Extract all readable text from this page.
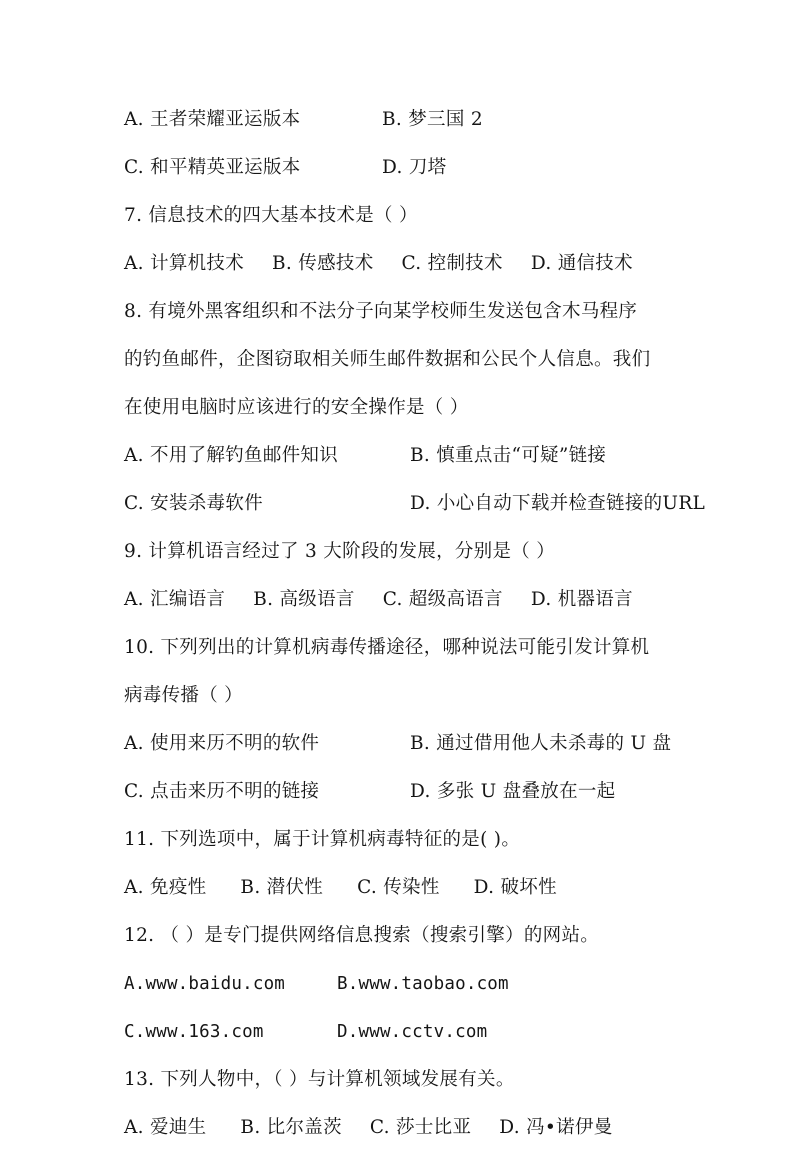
A. 王者荣耀亚运版本	B. 梦三国 2
C. 和平精英亚运版本	D. 刀塔
7. 信息技术的四大基本技术是（ ）
A. 计算机技术 B. 传感技术 C. 控制技术 D. 通信技术
8. 有境外黑客组织和不法分子向某学校师生发送包含木马程序
的钓鱼邮件，企图窃取相关师生邮件数据和公民个人信息。我们
在使用电脑时应该进行的安全操作是（ ）
A. 不用了解钓鱼邮件知识	B. 慎重点击“可疑”链接
C. 安装杀毒软件	D. 小心自动下载并检查链接的URL
9. 计算机语言经过了 3 大阶段的发展，分别是（ ）
A. 汇编语言 B. 高级语言 C. 超级高语言 D. 机器语言
10. 下列列出的计算机病毒传播途径，哪种说法可能引发计算机
病毒传播（ ）
A. 使用来历不明的软件	B. 通过借用他人未杀毒的 U 盘
C. 点击来历不明的链接	D. 多张 U 盘叠放在一起
11. 下列选项中，属于计算机病毒特征的是( )。
A. 免疫性 B. 潜伏性 C. 传染性 D. 破坏性
12. （ ）是专门提供网络信息搜索（搜索引擎）的网站。
A.www.baidu.com	B.www.taobao.com
C.www.163.com	D.www.cctv.com
13. 下列人物中，（ ）与计算机领域发展有关。
A. 爱迪生 B. 比尔盖茨 C. 莎士比亚 D. 冯•诺伊曼
